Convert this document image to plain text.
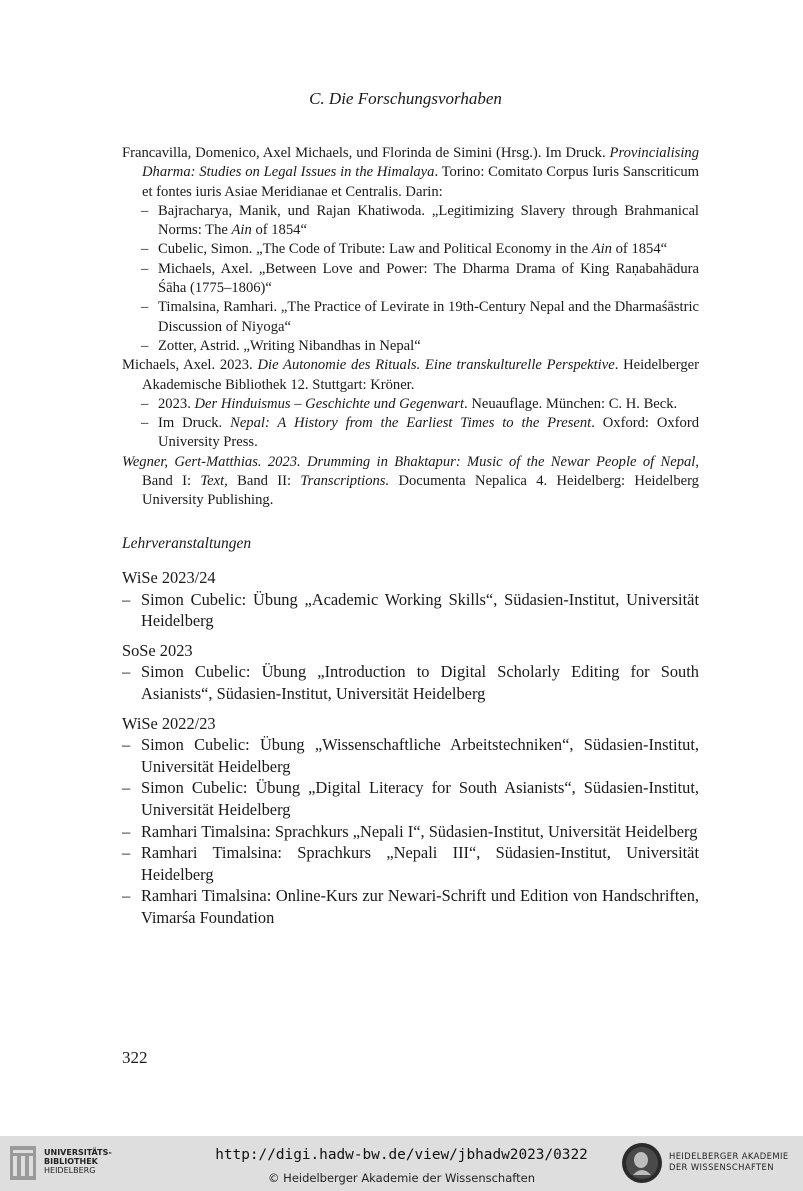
C. Die Forschungsvorhaben
Francavilla, Domenico, Axel Michaels, und Florinda de Simini (Hrsg.). Im Druck. Provincialising Dharma: Studies on Legal Issues in the Himalaya. Torino: Comitato Corpus Iuris Sanscriticum et fontes iuris Asiae Meridianae et Centralis. Darin:
– Bajracharya, Manik, und Rajan Khatiwoda. „Legitimizing Slavery through Brahmanical Norms: The Ain of 1854“
– Cubelic, Simon. „The Code of Tribute: Law and Political Economy in the Ain of 1854“
– Michaels, Axel. „Between Love and Power: The Dharma Drama of King Raṇabahādura Śāha (1775–1806)“
– Timalsina, Ramhari. „The Practice of Levirate in 19th-Century Nepal and the Dharmaśāstric Discussion of Niyoga“
– Zotter, Astrid. „Writing Nibandhas in Nepal“
Michaels, Axel. 2023. Die Autonomie des Rituals. Eine transkulturelle Perspektive. Heidelberger Akademische Bibliothek 12. Stuttgart: Kröner.
– 2023. Der Hinduismus – Geschichte und Gegenwart. Neuauflage. München: C. H. Beck.
– Im Druck. Nepal: A History from the Earliest Times to the Present. Oxford: Oxford University Press.
Wegner, Gert-Matthias. 2023. Drumming in Bhaktapur: Music of the Newar People of Nepal, Band I: Text, Band II: Transcriptions. Documenta Nepalica 4. Heidelberg: Heidelberg University Publishing.
Lehrveranstaltungen
WiSe 2023/24
– Simon Cubelic: Übung „Academic Working Skills“, Südasien-Institut, Universität Heidelberg
SoSe 2023
– Simon Cubelic: Übung „Introduction to Digital Scholarly Editing for South Asianists“, Südasien-Institut, Universität Heidelberg
WiSe 2022/23
– Simon Cubelic: Übung „Wissenschaftliche Arbeitstechniken“, Südasien-Institut, Universität Heidelberg
– Simon Cubelic: Übung „Digital Literacy for South Asianists“, Südasien-Institut, Universität Heidelberg
– Ramhari Timalsina: Sprachkurs „Nepali I“, Südasien-Institut, Universität Heidelberg
– Ramhari Timalsina: Sprachkurs „Nepali III“, Südasien-Institut, Universität Heidelberg
– Ramhari Timalsina: Online-Kurs zur Newari-Schrift und Edition von Handschriften, Vimarśa Foundation
322
UNIVERSITÄTS-
BIBLIOTHEK
HEIDELBERG
http://digi.hadw-bw.de/view/jbhadw2023/0322
© Heidelberger Akademie der Wissenschaften
HEIDELBERGER AKADEMIE
DER WISSENSCHAFTEN
